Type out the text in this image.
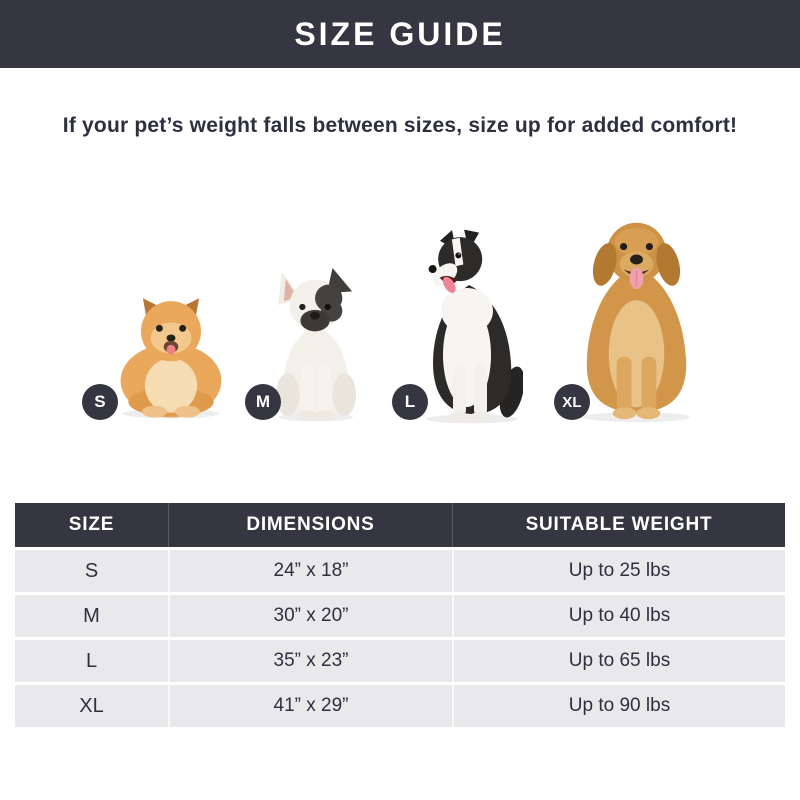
SIZE GUIDE

If your pet’s weight falls between sizes, size up for added comfort!

S	M	L	XL
SIZE	DIMENSIONS	SUITABLE WEIGHT
S	24” x 18”	Up to 25 lbs
M	30” x 20”	Up to 40 lbs
L	35” x 23”	Up to 65 lbs
XL	41” x 29”	Up to 90 lbs
